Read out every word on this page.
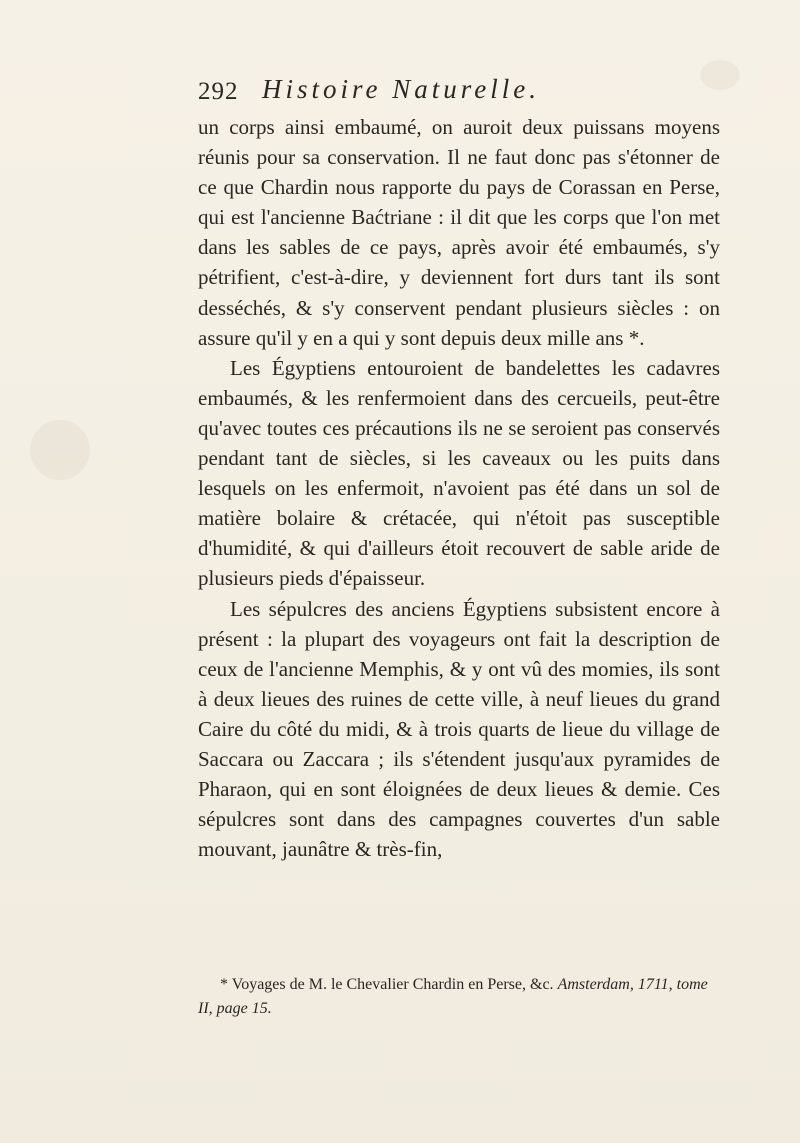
292 Histoire Naturelle.

un corps ainsi embaumé, on auroit deux puissans moyens réunis pour sa conservation. Il ne faut donc pas s'étonner de ce que Chardin nous rapporte du pays de Corassan en Perse, qui est l'ancienne Baćtriane : il dit que les corps que l'on met dans les sables de ce pays, après avoir été embaumés, s'y pétrifient, c'est-à-dire, y deviennent fort durs tant ils sont desséchés, & s'y conservent pendant plusieurs siècles : on assure qu'il y en a qui y sont depuis deux mille ans *.

Les Égyptiens entouroient de bandelettes les cadavres embaumés, & les renfermoient dans des cercueils, peut-être qu'avec toutes ces précautions ils ne se seroient pas conservés pendant tant de siècles, si les caveaux ou les puits dans lesquels on les enfermoit, n'avoient pas été dans un sol de matière bolaire & crétacée, qui n'étoit pas susceptible d'humidité, & qui d'ailleurs étoit recouvert de sable aride de plusieurs pieds d'épaisseur.

Les sépulcres des anciens Égyptiens subsistent encore à présent : la plupart des voyageurs ont fait la description de ceux de l'ancienne Memphis, & y ont vû des momies, ils sont à deux lieues des ruines de cette ville, à neuf lieues du grand Caire du côté du midi, & à trois quarts de lieue du village de Saccara ou Zaccara ; ils s'étendent jusqu'aux pyramides de Pharaon, qui en sont éloignées de deux lieues & demie. Ces sépulcres sont dans des campagnes couvertes d'un sable mouvant, jaunâtre & très-fin,

* Voyages de M. le Chevalier Chardin en Perse, &c. Amsterdam, 1711, tome II, page 15.
